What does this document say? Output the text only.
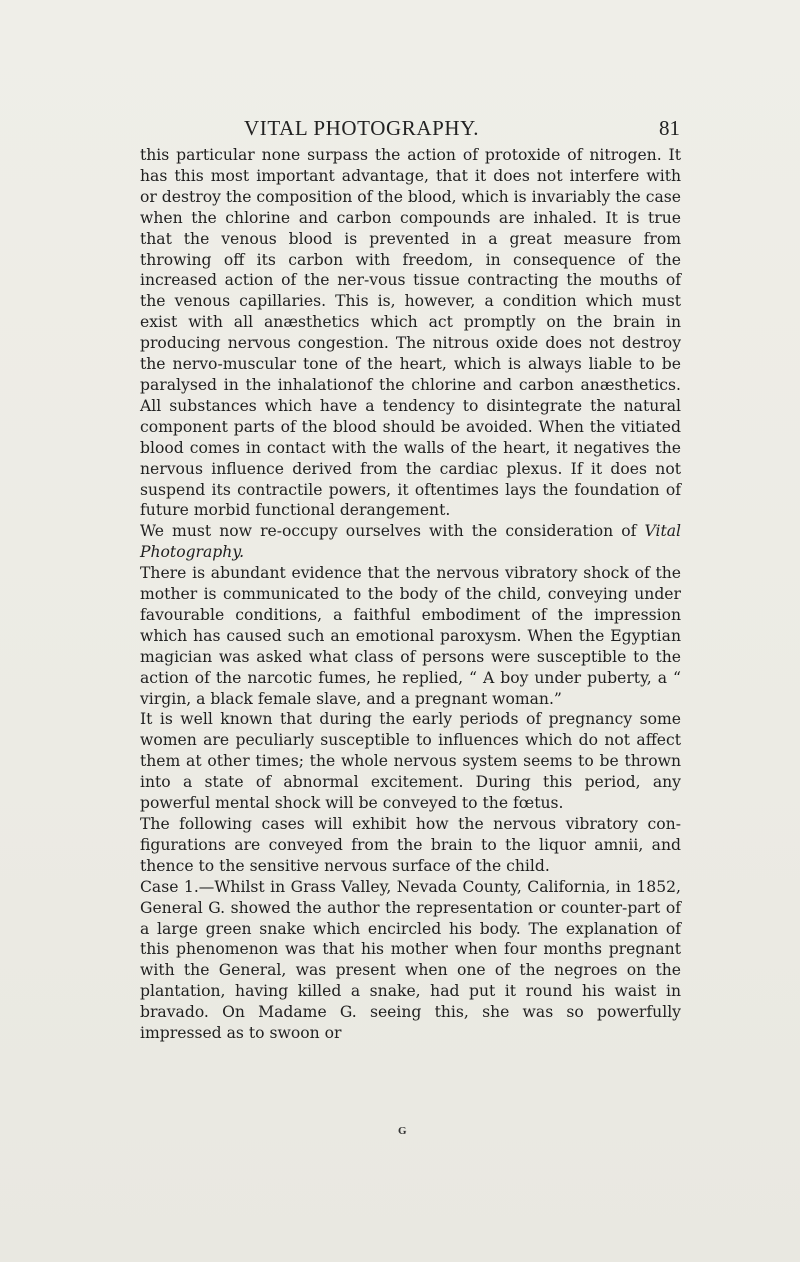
VITAL PHOTOGRAPHY.	81

this particular none surpass the action of protoxide of nitrogen. It has this most important advantage, that it does not interfere with or destroy the composition of the blood, which is invariably the case when the chlorine and carbon compounds are inhaled. It is true that the venous blood is prevented in a great measure from throwing off its carbon with freedom, in consequence of the increased action of the ner-vous tissue contracting the mouths of the venous capillaries. This is, however, a condition which must exist with all anæsthetics which act promptly on the brain in producing nervous congestion. The nitrous oxide does not destroy the nervo-muscular tone of the heart, which is always liable to be paralysed in the inhalationof the chlorine and carbon anæsthetics. All substances which have a tendency to disintegrate the natural component parts of the blood should be avoided. When the vitiated blood comes in contact with the walls of the heart, it negatives the nervous influence derived from the cardiac plexus. If it does not suspend its contractile powers, it oftentimes lays the foundation of future morbid functional derangement.

We must now re-occupy ourselves with the consideration of Vital Photography.

There is abundant evidence that the nervous vibratory shock of the mother is communicated to the body of the child, conveying under favourable conditions, a faithful embodiment of the impression which has caused such an emotional paroxysm. When the Egyptian magician was asked what class of persons were susceptible to the action of the narcotic fumes, he replied, “ A boy under puberty, a “ virgin, a black female slave, and a pregnant woman.”

It is well known that during the early periods of pregnancy some women are peculiarly susceptible to influences which do not affect them at other times; the whole nervous system seems to be thrown into a state of abnormal excitement. During this period, any powerful mental shock will be conveyed to the fœtus.

The following cases will exhibit how the nervous vibratory con-figurations are conveyed from the brain to the liquor amnii, and thence to the sensitive nervous surface of the child.

Case 1.—Whilst in Grass Valley, Nevada County, California, in 1852, General G. showed the author the representation or counter-part of a large green snake which encircled his body. The explanation of this phenomenon was that his mother when four months pregnant with the General, was present when one of the negroes on the plantation, having killed a snake, had put it round his waist in bravado. On Madame G. seeing this, she was so powerfully impressed as to swoon or

G
